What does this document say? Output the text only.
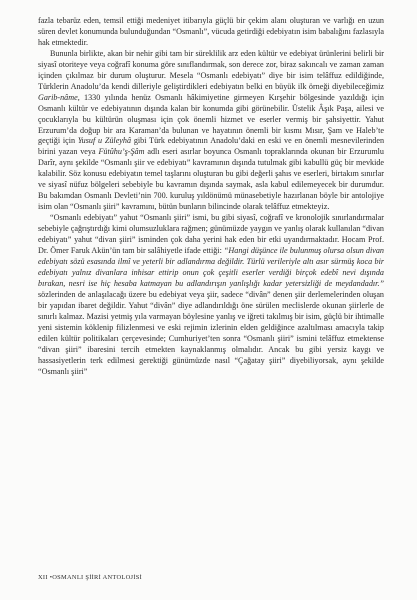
fazla tebarüz eden, temsil ettiği medeniyet itibarıyla güçlü bir çekim alanı oluşturan ve varlığı en uzun süren devlet konumunda bulunduğundan “Osmanlı”, vücuda getirdiği edebiyatın isim babalığını fazlasıyla hak etmektedir.

Bununla birlikte, akan bir nehir gibi tam bir süreklilik arz eden kültür ve edebiyat ürünlerini belirli bir siyasî otoriteye veya coğrafî konuma göre sınıflandırmak, son derece zor, biraz sakıncalı ve zaman zaman içinden çıkılmaz bir durum oluşturur. Mesela “Osmanlı edebiyatı” diye bir isim telâffuz edildiğinde, Türklerin Anadolu’da kendi dilleriyle geliştirdikleri edebiyatın belki en büyük ilk örneği diyebileceğimiz Garib-nâme, 1330 yılında henüz Osmanlı hâkimiyetine girmeyen Kırşehir bölgesinde yazıldığı için Osmanlı kültür ve edebiyatının dışında kalan bir konumda gibi görünebilir. Üstelik Âşık Paşa, ailesi ve çocuklarıyla bu kültürün oluşması için çok önemli hizmet ve eserler vermiş bir şahsiyettir. Yahut Erzurum’da doğup bir ara Karaman’da bulunan ve hayatının önemli bir kısmı Mısır, Şam ve Haleb’te geçtiği için Yusuf u Züleyhâ gibi Türk edebiyatının Anadolu’daki en eski ve en önemli mesnevilerinden birini yazan veya Fütûhu’ş-Şâm adlı eseri asırlar boyunca Osmanlı topraklarında okunan bir Erzurumlu Darîr, aynı şekilde “Osmanlı şiir ve edebiyatı” kavramının dışında tutulmak gibi kabullü güç bir mevkide kalabilir. Söz konusu edebiyatın temel taşlarını oluşturan bu gibi değerli şahıs ve eserleri, birtakım sınırlar ve siyasî nüfuz bölgeleri sebebiyle bu kavramın dışında saymak, asla kabul edilemeyecek bir durumdur. Bu bakımdan Osmanlı Devleti’nin 700. kuruluş yıldönümü münasebetiyle hazırlanan böyle bir antolojiye isim olan “Osmanlı şiiri” kavramını, bütün bunların bilincinde olarak telâffuz etmekteyiz.

“Osmanlı edebiyatı” yahut “Osmanlı şiiri” ismi, bu gibi siyasî, coğrafî ve kronolojik sınırlandırmalar sebebiyle çağrıştırdığı kimi olumsuzluklara rağmen; günümüzde yaygın ve yanlış olarak kullanılan “divan edebiyatı” yahut “divan şiiri” isminden çok daha yerini hak eden bir etki uyandırmaktadır. Hocam Prof. Dr. Ömer Faruk Akün’ün tam bir salâhiyetle ifade ettiği: “Hangi düşünce ile bulunmuş olursa olsun divan edebiyatı sözü esasında ilmî ve yeterli bir adlandırma değildir. Türlü verileriyle altı asır sürmüş koca bir edebiyatı yalnız divanlara inhisar ettirip onun çok çeşitli eserler verdiği birçok edebî nevi dışında bırakan, nesri ise hiç hesaba katmayan bu adlandırışın yanlışlığı kadar yetersizliği de meydandadır.” sözlerinden de anlaşılacağı üzere bu edebiyat veya şiir, sadece “divân” denen şiir derlemelerinden oluşan bir yapıdan ibaret değildir. Yahut “divân” diye adlandırıldığı öne sürülen meclislerde okunan şiirlerle de sınırlı kalmaz. Mazisi yetmiş yıla varmayan böylesine yanlış ve iğreti takılmış bir isim, güçlü bir ihtimalle yeni sistemin köklenip filizlenmesi ve eski rejimin izlerinin elden geldiğince azaltılması amacıyla takip edilen kültür politikaları çerçevesinde; Cumhuriyet’ten sonra “Osmanlı şiiri” ismini telâffuz etmektense “divan şiiri” ibaresini tercih etmekten kaynaklanmış olmalıdır. Ancak bu gibi yersiz kaygı ve hassasiyetlerin terk edilmesi gerektiği günümüzde nasıl “Çağatay şiiri” diyebiliyorsak, aynı şekilde “Osmanlı şiiri”

XII •OSMANLI ŞİİRİ ANTOLOJİSİ
